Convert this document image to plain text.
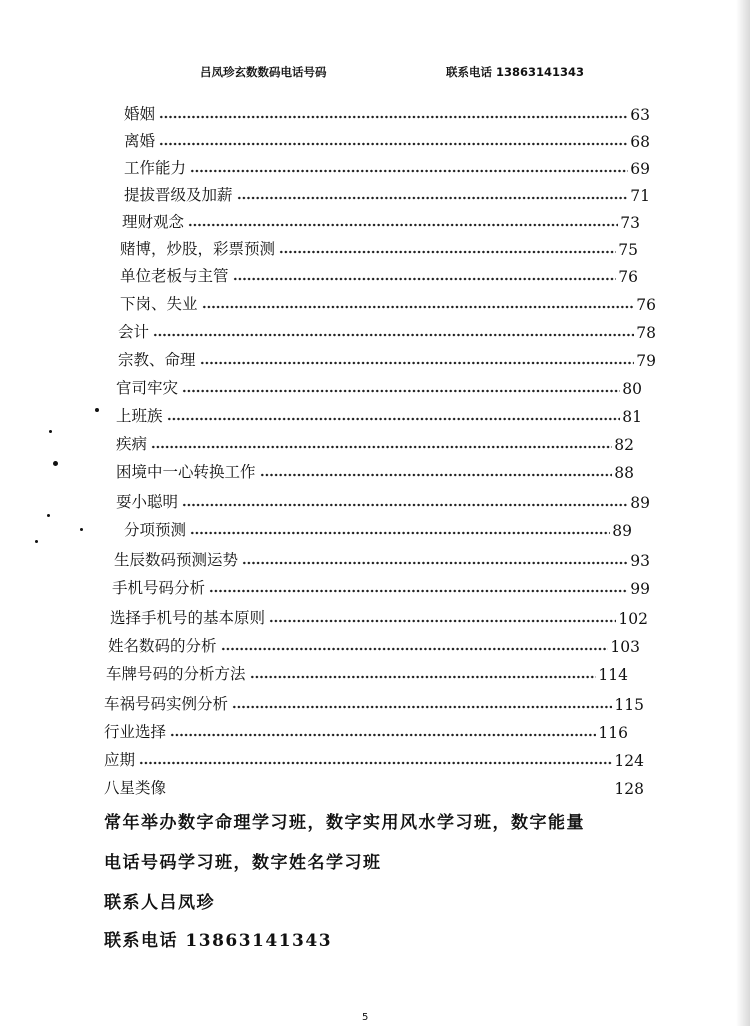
吕凤珍玄数数码电话号码	联系电话 13863141343
婚姻	63
离婚	68
工作能力	69
提拔晋级及加薪	71
理财观念	73
赌博，炒股，彩票预测	75
单位老板与主管	76
下岗、失业	76
会计	78
宗教、命理	79
官司牢灾	80
上班族	81
疾病	82
困境中一心转换工作	88
耍小聪明	89
分项预测	89
生辰数码预测运势	93
手机号码分析	99
选择手机号的基本原则	102
姓名数码的分析	103
车牌号码的分析方法	114
车祸号码实例分析	115
行业选择	116
应期	124
八星类像	128
常年举办数字命理学习班，数字实用风水学习班，数字能量
电话号码学习班，数字姓名学习班
联系人吕凤珍
联系电话 13863141343
5
